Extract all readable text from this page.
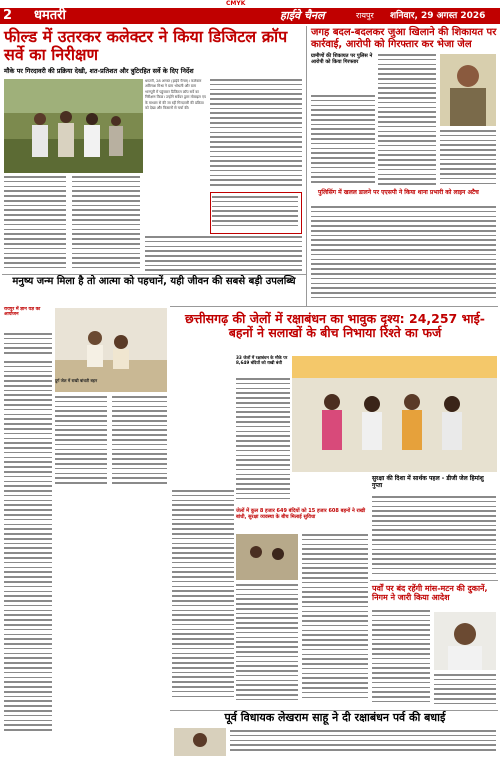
CMYK
2 धमतरी	हाईवे चैनल	रायपुर शनिवार, 29 अगस्त 2026
फील्ड में उतरकर कलेक्टर ने किया डिजिटल क्रॉप सर्वे का निरीक्षण
मौके पर गिरदावरी की प्रक्रिया देखी, शत-प्रतिशत और त्रुटिरहित सर्वे के दिए निर्देश
धमतरी, 28 अगस्त (हाईवे चैनल)। कलेक्टर अबिनाश मिश्रा ने ग्राम भोथली और ग्राम भानपुरी में पहुंचकर डिजिटल क्रॉप सर्वे का निरीक्षण किया। उन्होंने सर्वेयर द्वारा मोबाइल एप के माध्यम से की जा रही गिरदावरी की प्रक्रिया को देखा और किसानों से चर्चा की।
जगह बदल-बदलकर जुआ खिलाने की शिकायत पर कार्रवाई, आरोपी को गिरफ्तार कर भेजा जेल
ग्रामीणों की शिकायत पर पुलिस ने आरोपी को किया गिरफ्तार
पुलिसिंग में खलल डालने पर एएसपी ने किया थाना प्रभारी को लाइन अटैच
मनुष्य जन्म मिला है तो आत्मा को पहचानें, यही जीवन की सबसे बड़ी उपलब्धि
रायपुर में ज्ञान यज्ञ का आयोजन	छत्तीसगढ़ की जेलों में रक्षाबंधन का भावुक दृश्य: 24,257 भाई-बहनों ने सलाखों के बीच निभाया रिश्ते का फर्ज
33 जेलों में रक्षाबंधन के मौके पर 8,649 बंदियों को राखी बंधी
दुर्ग जेल में राखी बांधती बहन
जेलों में कुल 8 हजार 649 बंदियों को 15 हजार 608 बहनों ने राखी बांधी, सुरक्षा व्यवस्था के बीच मिलाई सुविधा
सुरक्षा की दिशा में सार्थक पहल - डीजी जेल हिमांशु गुप्ता
पर्वों पर बंद रहेंगी मांस-मटन की दुकानें, निगम ने जारी किया आदेश
पूर्व विधायक लेखराम साहू ने दी रक्षाबंधन पर्व की बधाई
